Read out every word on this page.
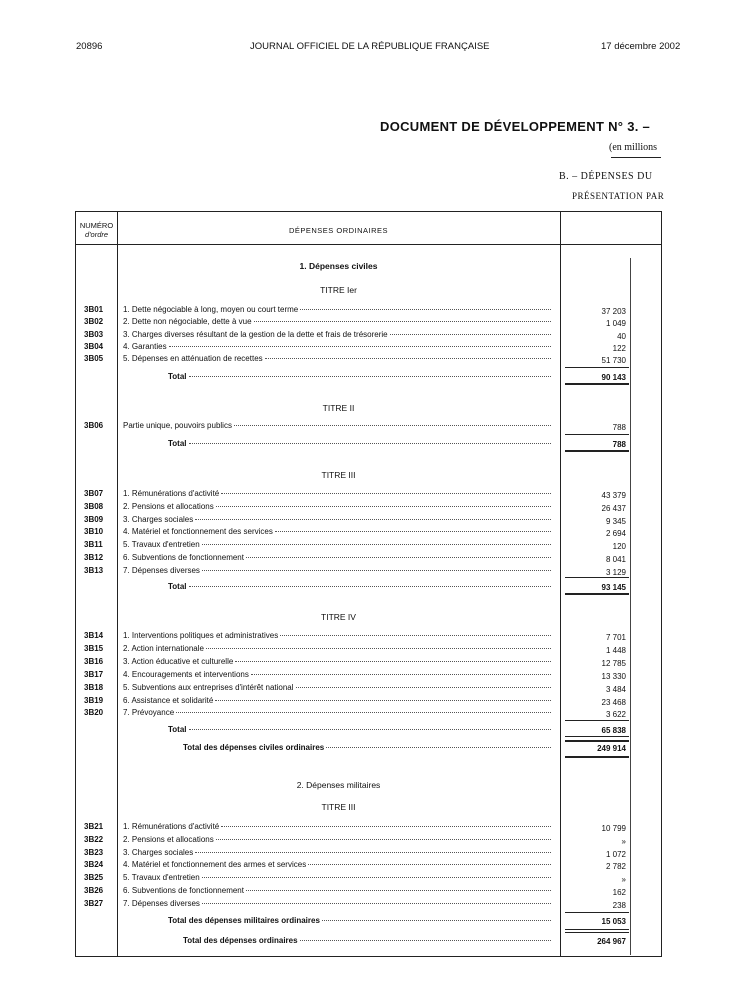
20896	JOURNAL OFFICIEL DE LA RÉPUBLIQUE FRANÇAISE	17 décembre 2002
DOCUMENT DE DÉVELOPPEMENT N° 3. –
(en millions
B. – DÉPENSES DU
PRÉSENTATION PAR
NUMÉRO
d'ordre	DÉPENSES ORDINAIRES
1. Dépenses civiles
TITRE Ier
3B01 1. Dette négociable à long, moyen ou court terme	37 203
3B02 2. Dette non négociable, dette à vue	1 049
3B03 3. Charges diverses résultant de la gestion de la dette et frais de trésorerie	40
3B04 4. Garanties	122
3B05 5. Dépenses en atténuation de recettes	51 730
Total	90 143
3B06 Partie unique, pouvoirs publics	788
Total	788
3B07 1. Rémunérations d'activité	43 379
3B08 2. Pensions et allocations	26 437
3B09 3. Charges sociales	9 345
3B10 4. Matériel et fonctionnement des services	2 694
3B11	5. Travaux d'entretien	120
3B12 6. Subventions de fonctionnement	8 041
3B13 7. Dépenses diverses	3 129
Total	93 145
3B14 1. Interventions politiques et administratives	7 701
3B15 2. Action internationale	1 448
3B16 3. Action éducative et culturelle	12 785
3B17 4. Encouragements et interventions	13 330
3B18 5. Subventions aux entreprises d'intérêt national	3 484
3B19 6. Assistance et solidarité	23 468
3B20 7. Prévoyance	3 622
Total	65 838
3B21 1. Rémunérations d'activité	10 799
3B22 2. Pensions et allocations	»
3B23 3. Charges sociales	1 072
3B24 4. Matériel et fonctionnement des armes et services	2 782
3B25 5. Travaux d'entretien	»
3B26 6. Subventions de fonctionnement	162
3B27 7. Dépenses diverses	238
TITRE II
TITRE III
TITRE IV
Total des dépenses civiles ordinaires	249 914
2. Dépenses militaires
TITRE III
Total des dépenses militaires ordinaires	15 053
Total des dépenses ordinaires	264 967
